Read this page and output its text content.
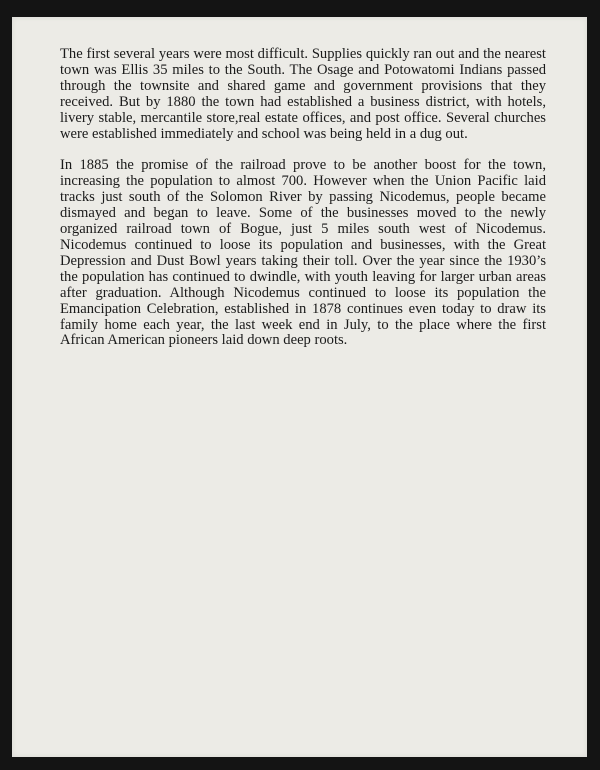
The first several years were most difficult. Supplies quickly ran out and the nearest town was Ellis 35 miles to the South. The Osage and Potowatomi Indians passed through the townsite and shared game and government provisions that they received. But by 1880 the town had established a business district, with hotels, livery stable, mercantile store,real estate offices, and post office. Several churches were established immediately and school was being held in a dug out.

In 1885 the promise of the railroad prove to be another boost for the town, increasing the population to almost 700. However when the Union Pacific laid tracks just south of the Solomon River by passing Nicodemus, people became dismayed and began to leave. Some of the businesses moved to the newly organized railroad town of Bogue, just 5 miles south west of Nicodemus. Nicodemus continued to loose its population and businesses, with the Great Depression and Dust Bowl years taking their toll. Over the year since the 1930’s the population has continued to dwindle, with youth leaving for larger urban areas after graduation. Although Nicodemus continued to loose its population the Emancipation Celebration, established in 1878 continues even today to draw its family home each year, the last week end in July, to the place where the first African American pioneers laid down deep roots.
